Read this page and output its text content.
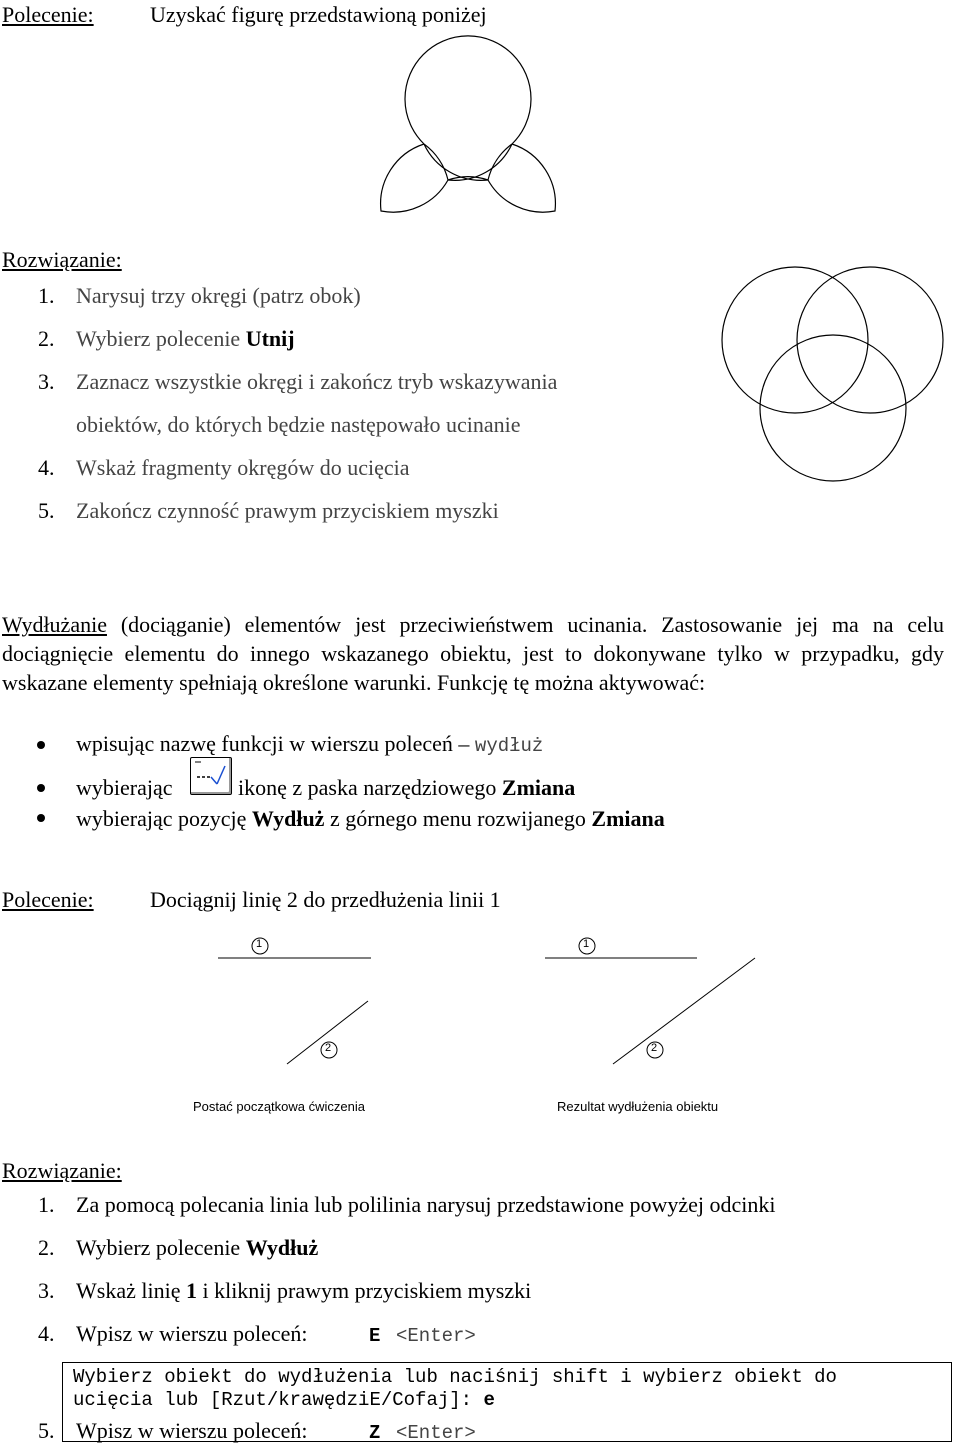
Polecenie:	Uzyskać figurę przedstawioną poniżej
Rozwiązanie:
1. Narysuj trzy okręgi (patrz obok)
2. Wybierz polecenie Utnij
3. Zaznacz wszystkie okręgi i zakończ tryb wskazywania
obiektów, do których będzie następowało ucinanie
4. Wskaż fragmenty okręgów do ucięcia
5. Zakończ czynność prawym przyciskiem myszki
Wydłużanie (dociąganie) elementów jest przeciwieństwem ucinania. Zastosowanie jej ma na celu dociągnięcie elementu do innego wskazanego obiektu, jest to dokonywane tylko w przypadku, gdy wskazane elementy spełniają określone warunki. Funkcję tę można aktywować:
wpisując nazwę funkcji w wierszu poleceń – wydłuż
wybierając	ikonę z paska narzędziowego Zmiana
wybierając pozycję Wydłuż z górnego menu rozwijanego Zmiana
Polecenie:	Dociągnij linię 2 do przedłużenia linii 1
1
2
1
2
Postać początkowa ćwiczenia	Rezultat wydłużenia obiektu
Rozwiązanie:
1. Za pomocą polecania linia lub polilinia narysuj przedstawione powyżej odcinki
2. Wybierz polecenie Wydłuż
3. Wskaż linię 1 i kliknij prawym przyciskiem myszki
4. Wpisz w wierszu poleceń:	E <Enter>
Wybierz obiekt do wydłużenia lub naciśnij shift i wybierz obiekt do
ucięcia lub [Rzut/krawędziE/Cofaj]: e
5. Wpisz w wierszu poleceń:	Z <Enter>
